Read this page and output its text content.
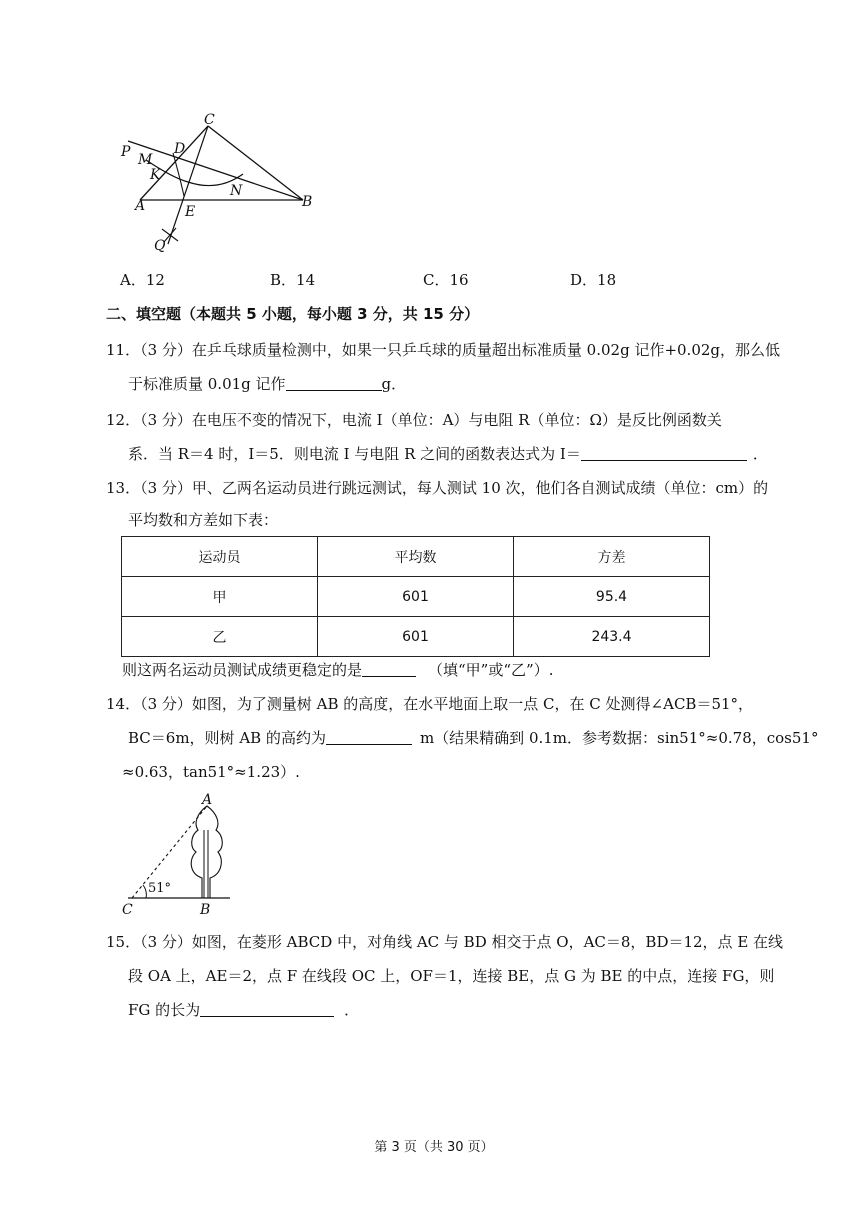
P M
K
D
C
N
A	E
B
Q
A．12	B．14	C．16	D．18
二、填空题（本题共 5 小题，每小题 3 分，共 15 分）
11．（3 分）在乒乓球质量检测中，如果一只乒乓球的质量超出标准质量 0.02g 记作+0.02g，那么低
于标准质量 0.01g 记作	g．
12．（3 分）在电压不变的情况下，电流 I（单位：A）与电阻 R（单位：Ω）是反比例函数关
系．当 R＝4 时，I＝5．则电流 I 与电阻 R 之间的函数表达式为 I＝	．
13．（3 分）甲、乙两名运动员进行跳远测试，每人测试 10 次，他们各自测试成绩（单位：cm）的
平均数和方差如下表：
运动员	平均数	方差
甲	601	95.4
乙	601	243.4
则这两名运动员测试成绩更稳定的是	（填“甲”或“乙”）.
14．（3 分）如图，为了测量树 AB 的高度，在水平地面上取一点 C，在 C 处测得∠ACB＝51°，
BC＝6m，则树 AB 的高约为	m（结果精确到 0.1m．参考数据：sin51°≈0.78，cos51°
≈0.63，tan51°≈1.23）.
51°
A
B
C
15．（3 分）如图，在菱形 ABCD 中，对角线 AC 与 BD 相交于点 O，AC＝8，BD＝12，点 E 在线
段 OA 上，AE＝2，点 F 在线段 OC 上，OF＝1，连接 BE，点 G 为 BE 的中点，连接 FG，则
FG 的长为	．
第 3 页（共 30 页）
